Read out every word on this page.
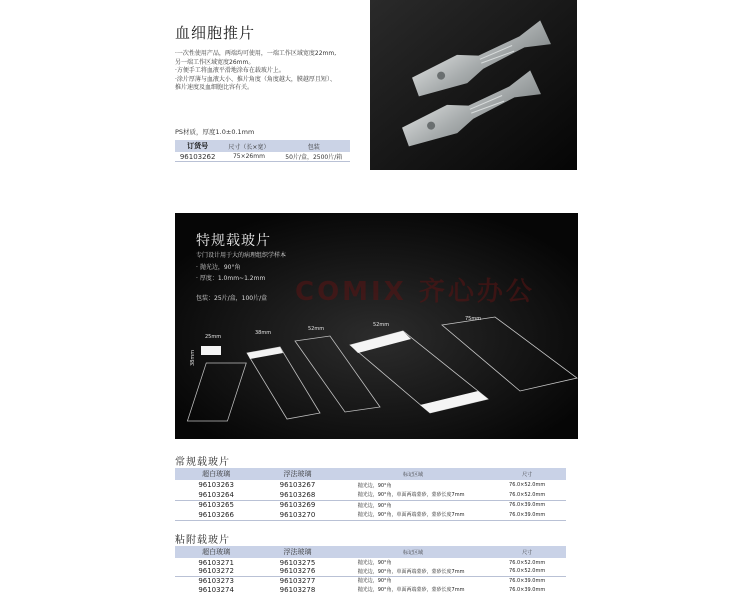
血细胞推片
·一次性使用产品，两端均可使用，一端工作区域宽度22mm,
另一端工作区域宽度26mm。
·方便手工将血液平滑地涂布在载玻片上。
·涂片厚薄与血液大小、推片角度（角度越大，膜越厚且短）、
推片速度及血细胞比容有关。
PS材质，厚度1.0±0.1mm
订货号	尺寸（长×宽）	包装
96103262	75×26mm	50片/盒，2500片/箱
COMIX 齐心办公
25mm
38mm
38mm
52mm
52mm
75mm
特规载玻片
专门设计用于大的病理组织学样本
· 抛光边，90°角
· 厚度：1.0mm~1.2mm
包装：25片/盒，100片/盒
常规载玻片
超白玻璃	浮法玻璃	标记区域	尺寸
96103263	96103267	抛光边，90°角	76.0×52.0mm
96103264	96103268	抛光边，90°角，单面两端蒙砂，蒙砂长度7mm	76.0×52.0mm
96103265	96103269	抛光边，90°角	76.0×39.0mm
96103266	96103270	抛光边，90°角，单面两端蒙砂，蒙砂长度7mm	76.0×39.0mm
粘附载玻片
超白玻璃	浮法玻璃	标记区域	尺寸
96103271	96103275	抛光边，90°角	76.0×52.0mm
96103272	96103276	抛光边，90°角，单面两端蒙砂，蒙砂长度7mm	76.0×52.0mm
96103273	96103277	抛光边，90°角	76.0×39.0mm
96103274	96103278	抛光边，90°角，单面两端蒙砂，蒙砂长度7mm	76.0×39.0mm
